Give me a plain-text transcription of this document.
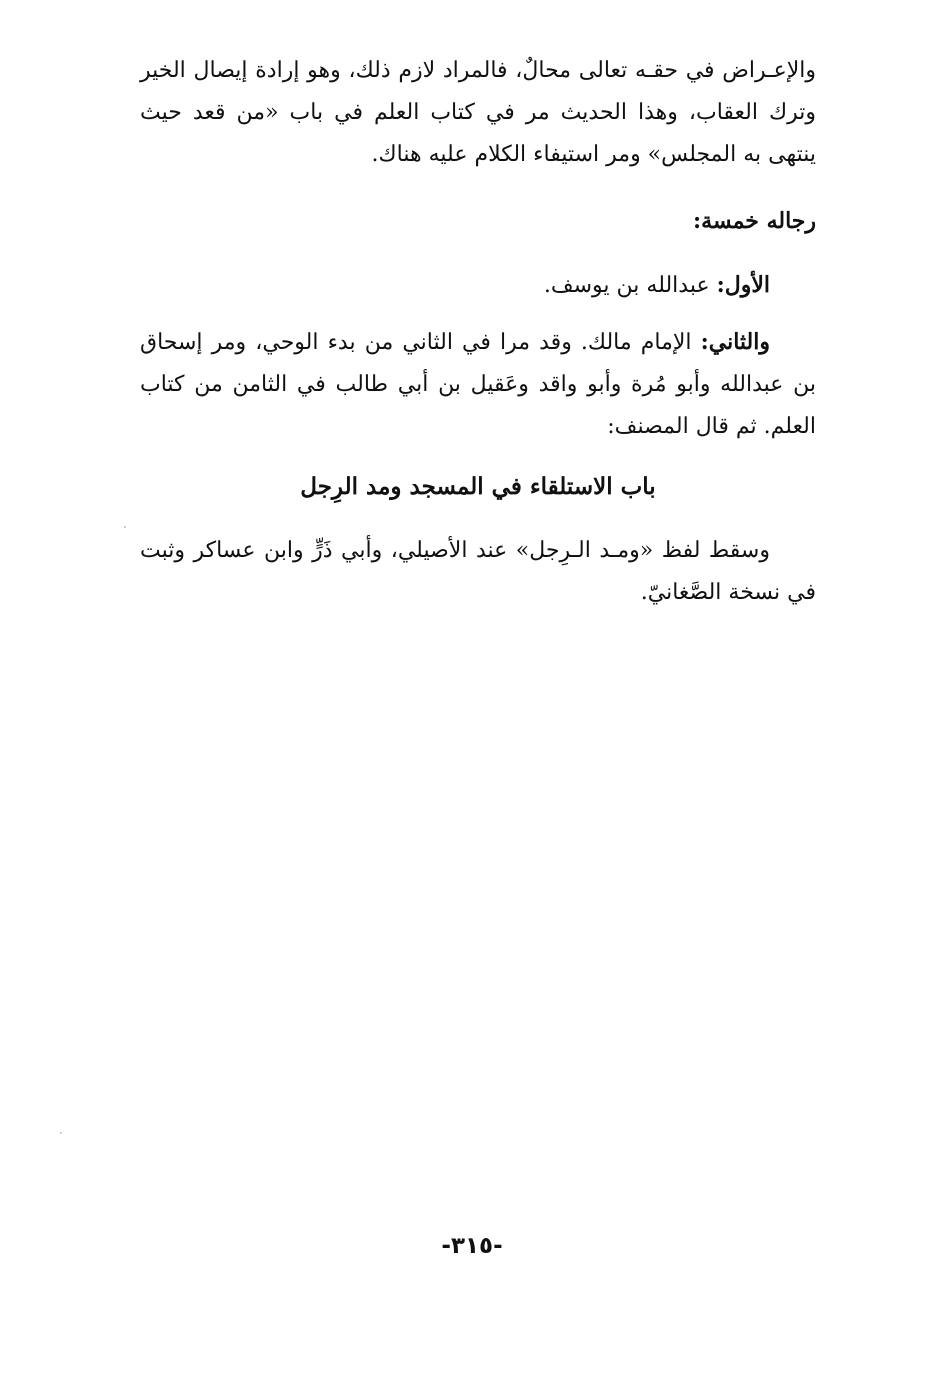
والإعـراض في حقـه تعالى محالٌ، فالمراد لازم ذلك، وهو إرادة إيصال الخير وترك العقاب، وهذا الحديث مر في كتاب العلم في باب «من قعد حيث ينتهى به المجلس» ومر استيفاء الكلام عليه هناك.

رجاله خمسة:

الأول: عبدالله بن يوسف.

والثاني: الإمام مالك. وقد مرا في الثاني من بدء الوحي، ومر إسحاق بن عبدالله وأبو مُرة وأبو واقد وعَقيل بن أبي طالب في الثامن من كتاب العلم. ثم قال المصنف:

باب الاستلقاء في المسجد ومد الرِجل

وسقط لفظ «ومـد الـرِجل» عند الأصيلي، وأبي ذَرٍّ وابن عساكر وثبت في نسخة الصَّغانيّ.

-٣١٥-
